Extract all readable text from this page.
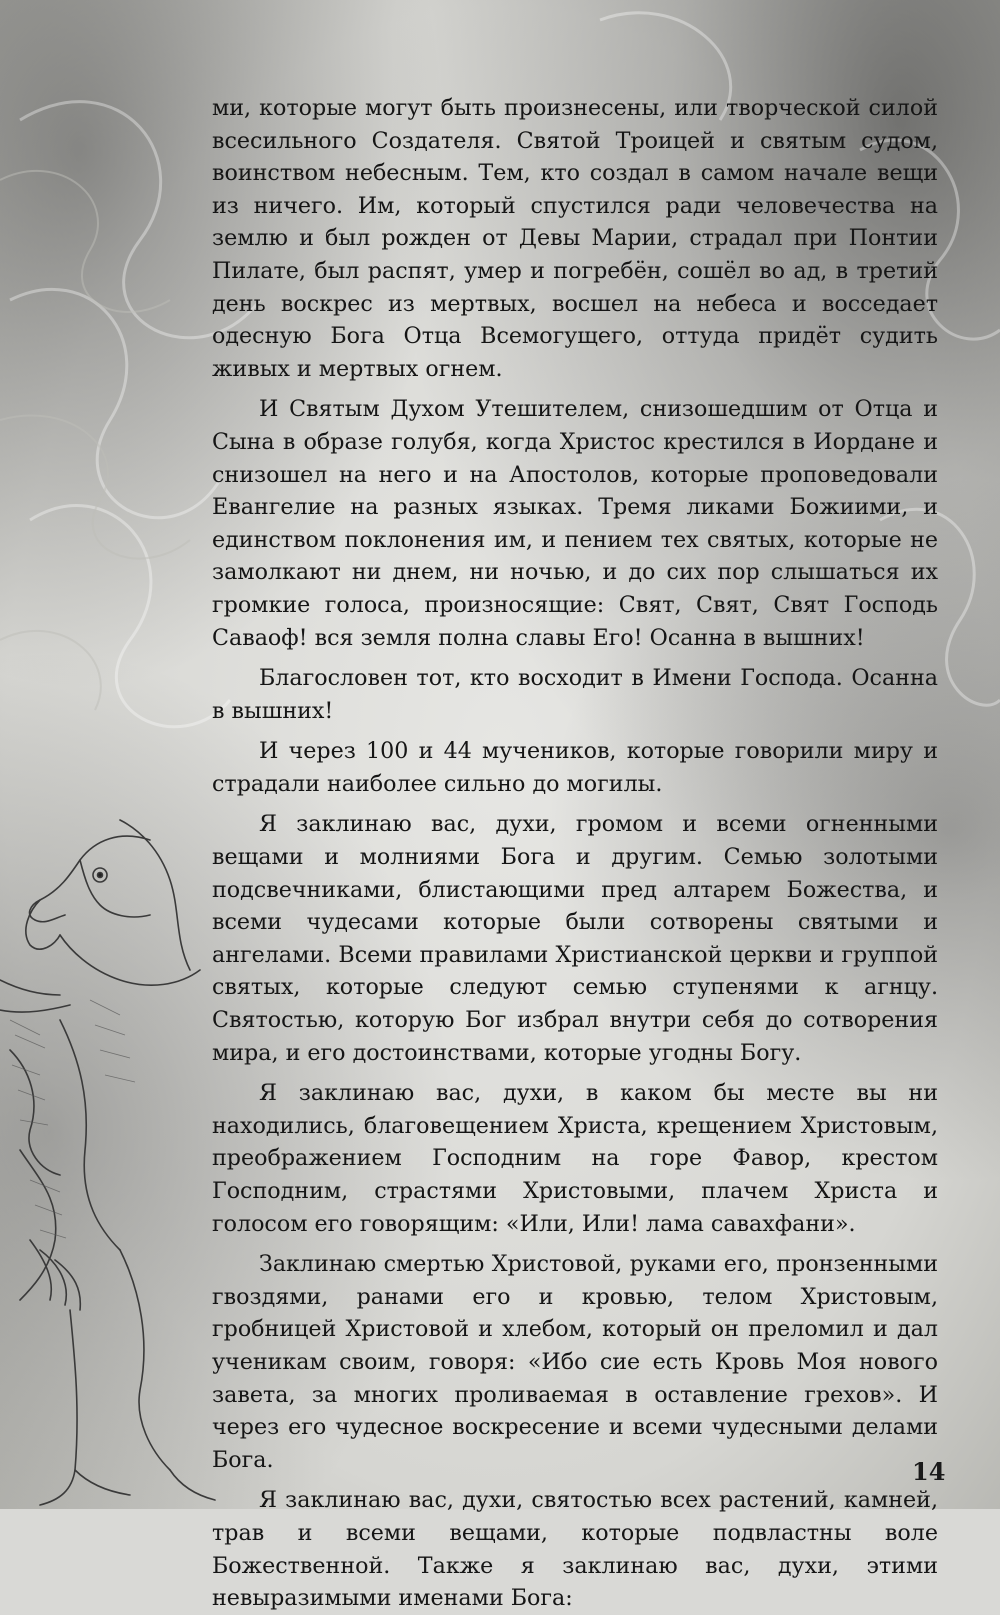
ми, которые могут быть произнесены, или творческой силой всесильного Создателя. Святой Троицей и святым судом, воинством небесным. Тем, кто создал в самом начале вещи из ничего. Им, который спустился ради человечества на землю и был рожден от Девы Марии, страдал при Понтии Пилате, был распят, умер и погребён, сошёл во ад, в третий день воскрес из мертвых, восшел на небеса и восседает одесную Бога Отца Всемогущего, оттуда придёт судить живых и мертвых огнем.

И Святым Духом Утешителем, снизошедшим от Отца и Сына в образе голубя, когда Христос крестился в Иордане и снизошел на него и на Апостолов, которые проповедовали Евангелие на разных языках. Тремя ликами Божиими, и единством поклонения им, и пением тех святых, которые не замолкают ни днем, ни ночью, и до сих пор слышаться их громкие голоса, произносящие: Свят, Свят, Свят Господь Саваоф! вся земля полна славы Его! Осанна в вышних!

Благословен тот, кто восходит в Имени Господа. Осанна в вышних!

И через 100 и 44 мучеников, которые говорили миру и страдали наиболее сильно до могилы.

Я заклинаю вас, духи, громом и всеми огненными вещами и молниями Бога и другим. Семью золотыми подсвечниками, блистающими пред алтарем Божества, и всеми чудесами которые были сотворены святыми и ангелами. Всеми правилами Христианской церкви и группой святых, которые следуют семью ступенями к агнцу. Святостью, которую Бог избрал внутри себя до сотворения мира, и его достоинствами, которые угодны Богу.

Я заклинаю вас, духи, в каком бы месте вы ни находились, благовещением Христа, крещением Христовым, преображением Господним на горе Фавор, крестом Господним, страстями Христовыми, плачем Христа и голосом его говорящим: «Или, Или! лама савахфани».

Заклинаю смертью Христовой, руками его, пронзенными гвоздями, ранами его и кровью, телом Христовым, гробницей Христовой и хлебом, который он преломил и дал ученикам своим, говоря: «Ибо сие есть Кровь Моя нового завета, за многих проливаемая в оставление грехов». И через его чудесное воскресение и всеми чудесными делами Бога.

Я заклинаю вас, духи, святостью всех растений, камней, трав и всеми вещами, которые подвластны воле Божественной. Также я заклинаю вас, духи, этими невыразимыми именами Бога:

14
